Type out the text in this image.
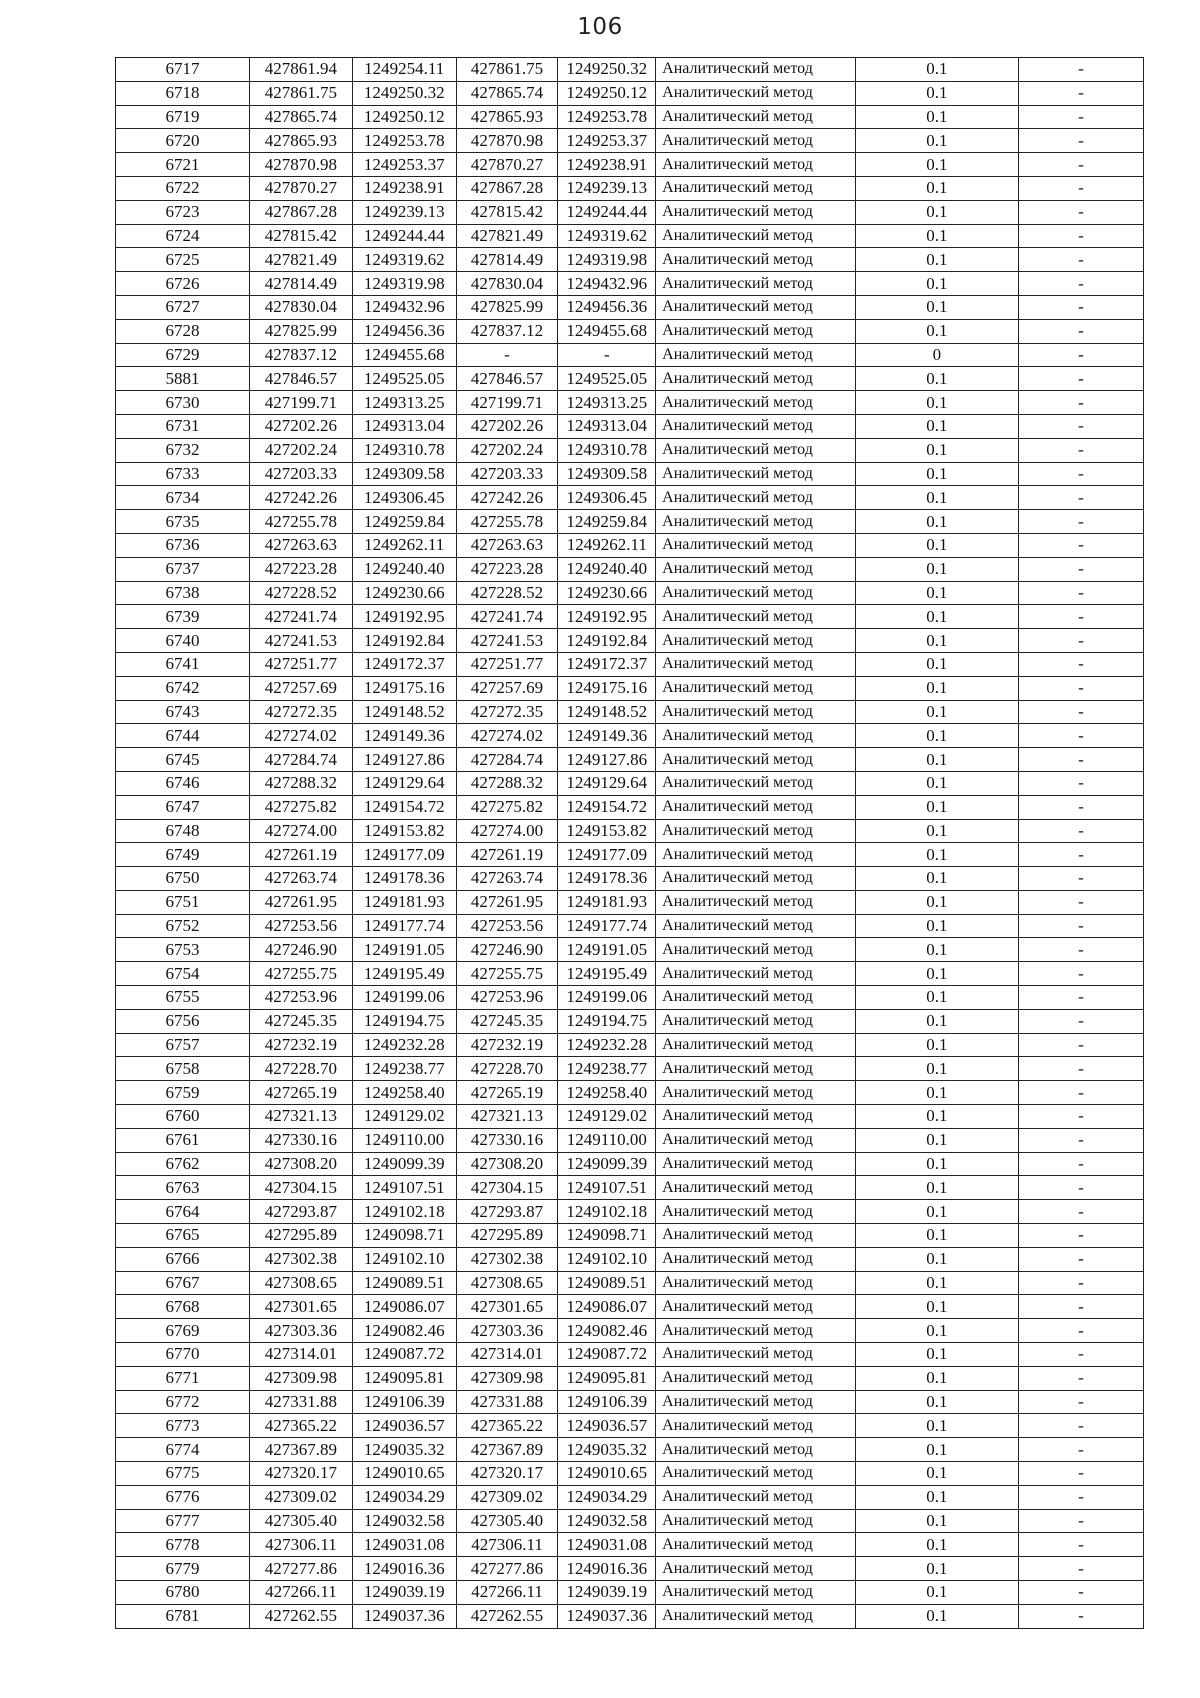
106
6717	427861.94	1249254.11	427861.75	1249250.32	Аналитический метод	0.1	-
6718	427861.75	1249250.32	427865.74	1249250.12	Аналитический метод	0.1	-
6719	427865.74	1249250.12	427865.93	1249253.78	Аналитический метод	0.1	-
6720	427865.93	1249253.78	427870.98	1249253.37	Аналитический метод	0.1	-
6721	427870.98	1249253.37	427870.27	1249238.91	Аналитический метод	0.1	-
6722	427870.27	1249238.91	427867.28	1249239.13	Аналитический метод	0.1	-
6723	427867.28	1249239.13	427815.42	1249244.44	Аналитический метод	0.1	-
6724	427815.42	1249244.44	427821.49	1249319.62	Аналитический метод	0.1	-
6725	427821.49	1249319.62	427814.49	1249319.98	Аналитический метод	0.1	-
6726	427814.49	1249319.98	427830.04	1249432.96	Аналитический метод	0.1	-
6727	427830.04	1249432.96	427825.99	1249456.36	Аналитический метод	0.1	-
6728	427825.99	1249456.36	427837.12	1249455.68	Аналитический метод	0.1	-
6729	427837.12	1249455.68	-	-	Аналитический метод	0	-
5881	427846.57	1249525.05	427846.57	1249525.05	Аналитический метод	0.1	-
6730	427199.71	1249313.25	427199.71	1249313.25	Аналитический метод	0.1	-
6731	427202.26	1249313.04	427202.26	1249313.04	Аналитический метод	0.1	-
6732	427202.24	1249310.78	427202.24	1249310.78	Аналитический метод	0.1	-
6733	427203.33	1249309.58	427203.33	1249309.58	Аналитический метод	0.1	-
6734	427242.26	1249306.45	427242.26	1249306.45	Аналитический метод	0.1	-
6735	427255.78	1249259.84	427255.78	1249259.84	Аналитический метод	0.1	-
6736	427263.63	1249262.11	427263.63	1249262.11	Аналитический метод	0.1	-
6737	427223.28	1249240.40	427223.28	1249240.40	Аналитический метод	0.1	-
6738	427228.52	1249230.66	427228.52	1249230.66	Аналитический метод	0.1	-
6739	427241.74	1249192.95	427241.74	1249192.95	Аналитический метод	0.1	-
6740	427241.53	1249192.84	427241.53	1249192.84	Аналитический метод	0.1	-
6741	427251.77	1249172.37	427251.77	1249172.37	Аналитический метод	0.1	-
6742	427257.69	1249175.16	427257.69	1249175.16	Аналитический метод	0.1	-
6743	427272.35	1249148.52	427272.35	1249148.52	Аналитический метод	0.1	-
6744	427274.02	1249149.36	427274.02	1249149.36	Аналитический метод	0.1	-
6745	427284.74	1249127.86	427284.74	1249127.86	Аналитический метод	0.1	-
6746	427288.32	1249129.64	427288.32	1249129.64	Аналитический метод	0.1	-
6747	427275.82	1249154.72	427275.82	1249154.72	Аналитический метод	0.1	-
6748	427274.00	1249153.82	427274.00	1249153.82	Аналитический метод	0.1	-
6749	427261.19	1249177.09	427261.19	1249177.09	Аналитический метод	0.1	-
6750	427263.74	1249178.36	427263.74	1249178.36	Аналитический метод	0.1	-
6751	427261.95	1249181.93	427261.95	1249181.93	Аналитический метод	0.1	-
6752	427253.56	1249177.74	427253.56	1249177.74	Аналитический метод	0.1	-
6753	427246.90	1249191.05	427246.90	1249191.05	Аналитический метод	0.1	-
6754	427255.75	1249195.49	427255.75	1249195.49	Аналитический метод	0.1	-
6755	427253.96	1249199.06	427253.96	1249199.06	Аналитический метод	0.1	-
6756	427245.35	1249194.75	427245.35	1249194.75	Аналитический метод	0.1	-
6757	427232.19	1249232.28	427232.19	1249232.28	Аналитический метод	0.1	-
6758	427228.70	1249238.77	427228.70	1249238.77	Аналитический метод	0.1	-
6759	427265.19	1249258.40	427265.19	1249258.40	Аналитический метод	0.1	-
6760	427321.13	1249129.02	427321.13	1249129.02	Аналитический метод	0.1	-
6761	427330.16	1249110.00	427330.16	1249110.00	Аналитический метод	0.1	-
6762	427308.20	1249099.39	427308.20	1249099.39	Аналитический метод	0.1	-
6763	427304.15	1249107.51	427304.15	1249107.51	Аналитический метод	0.1	-
6764	427293.87	1249102.18	427293.87	1249102.18	Аналитический метод	0.1	-
6765	427295.89	1249098.71	427295.89	1249098.71	Аналитический метод	0.1	-
6766	427302.38	1249102.10	427302.38	1249102.10	Аналитический метод	0.1	-
6767	427308.65	1249089.51	427308.65	1249089.51	Аналитический метод	0.1	-
6768	427301.65	1249086.07	427301.65	1249086.07	Аналитический метод	0.1	-
6769	427303.36	1249082.46	427303.36	1249082.46	Аналитический метод	0.1	-
6770	427314.01	1249087.72	427314.01	1249087.72	Аналитический метод	0.1	-
6771	427309.98	1249095.81	427309.98	1249095.81	Аналитический метод	0.1	-
6772	427331.88	1249106.39	427331.88	1249106.39	Аналитический метод	0.1	-
6773	427365.22	1249036.57	427365.22	1249036.57	Аналитический метод	0.1	-
6774	427367.89	1249035.32	427367.89	1249035.32	Аналитический метод	0.1	-
6775	427320.17	1249010.65	427320.17	1249010.65	Аналитический метод	0.1	-
6776	427309.02	1249034.29	427309.02	1249034.29	Аналитический метод	0.1	-
6777	427305.40	1249032.58	427305.40	1249032.58	Аналитический метод	0.1	-
6778	427306.11	1249031.08	427306.11	1249031.08	Аналитический метод	0.1	-
6779	427277.86	1249016.36	427277.86	1249016.36	Аналитический метод	0.1	-
6780	427266.11	1249039.19	427266.11	1249039.19	Аналитический метод	0.1	-
6781	427262.55	1249037.36	427262.55	1249037.36	Аналитический метод	0.1	-
